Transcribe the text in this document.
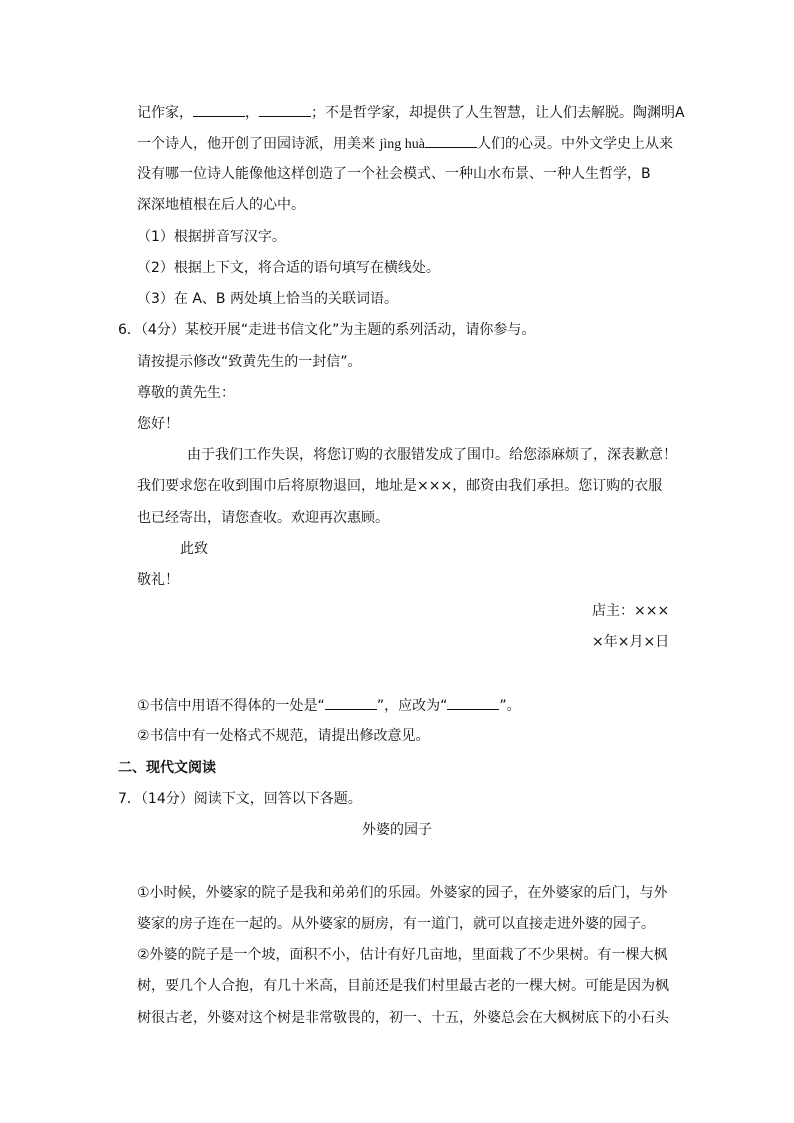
记作家，	，	；不是哲学家，却提供了人生智慧，让人们去解脱。陶渊明A
一个诗人，他开创了田园诗派，用美来 jìng huà	人们的心灵。中外文学史上从来
没有哪一位诗人能像他这样创造了一个社会模式、一种山水布景、一种人生哲学，B
深深地植根在后人的心中。
（1）根据拼音写汉字。
（2）根据上下文，将合适的语句填写在横线处。
（3）在 A、B 两处填上恰当的关联词语。
6．（4分）某校开展“走进书信文化”为主题的系列活动，请你参与。
请按提示修改“致黄先生的一封信”。
尊敬的黄先生：
您好！
由于我们工作失误，将您订购的衣服错发成了围巾。给您添麻烦了，深表歉意！
我们要求您在收到围巾后将原物退回，地址是×××，邮资由我们承担。您订购的衣服
也已经寄出，请您查收。欢迎再次惠顾。
此致
敬礼！
店主：×××
×年×月×日
①书信中用语不得体的一处是“	”，应改为“	”。
②书信中有一处格式不规范，请提出修改意见。
二、现代文阅读
7．（14分）阅读下文，回答以下各题。
外婆的园子
①小时候，外婆家的院子是我和弟弟们的乐园。外婆家的园子，在外婆家的后门，与外
婆家的房子连在一起的。从外婆家的厨房，有一道门，就可以直接走进外婆的园子。
②外婆的院子是一个坡，面积不小，估计有好几亩地，里面栽了不少果树。有一棵大枫
树，要几个人合抱，有几十米高，目前还是我们村里最古老的一棵大树。可能是因为枫
树很古老，外婆对这个树是非常敬畏的，初一、十五，外婆总会在大枫树底下的小石头
